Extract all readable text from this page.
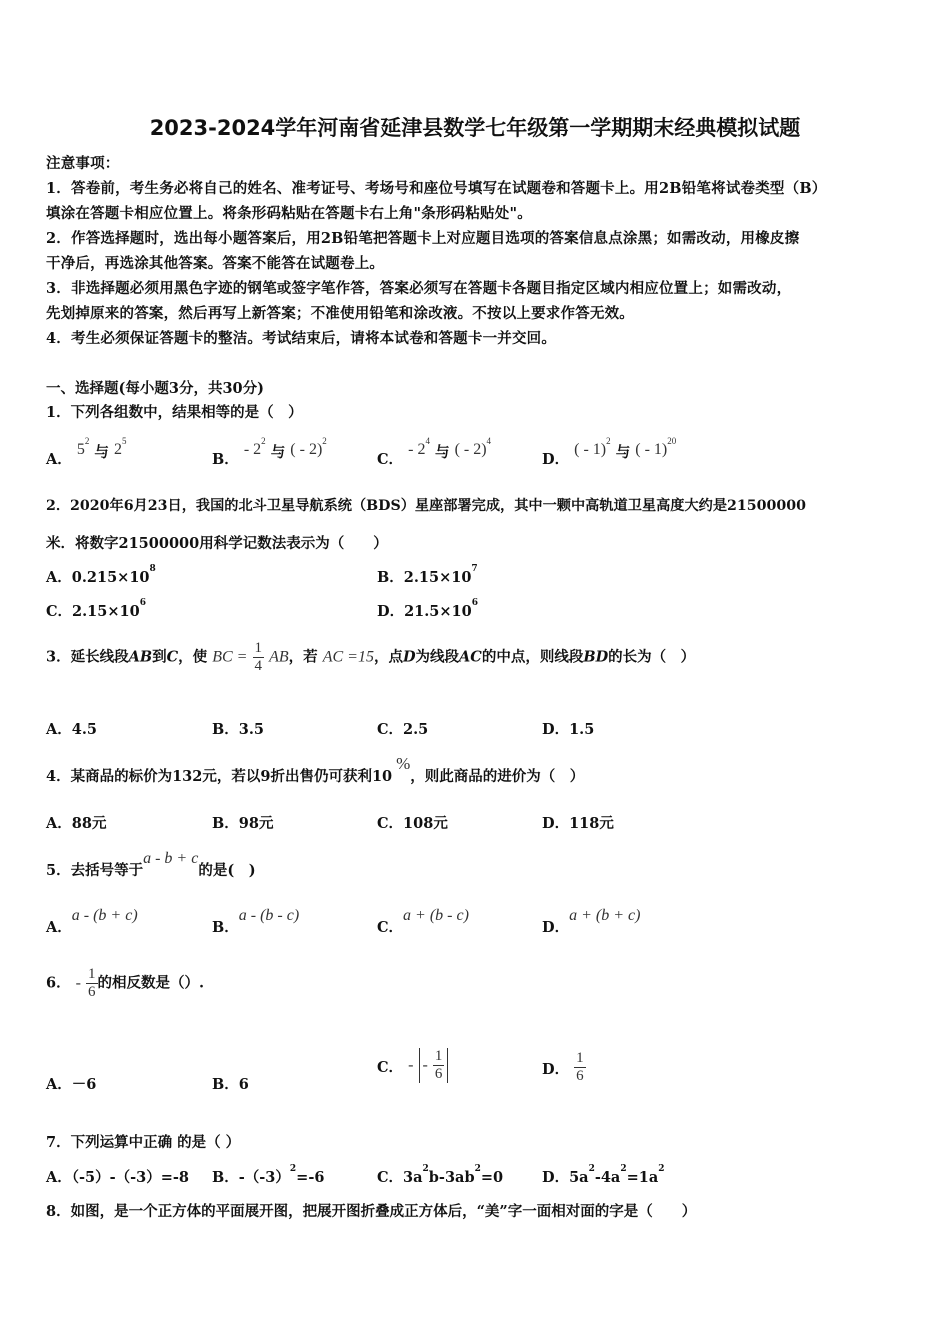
2023-2024学年河南省延津县数学七年级第一学期期末经典模拟试题
注意事项：
1．答卷前，考生务必将自己的姓名、准考证号、考场号和座位号填写在试题卷和答题卡上。用2B铅笔将试卷类型（B）
填涂在答题卡相应位置上。将条形码粘贴在答题卡右上角"条形码粘贴处"。
2．作答选择题时，选出每小题答案后，用2B铅笔把答题卡上对应题目选项的答案信息点涂黑；如需改动，用橡皮擦
干净后，再选涂其他答案。答案不能答在试题卷上。
3．非选择题必须用黑色字迹的钢笔或签字笔作答，答案必须写在答题卡各题目指定区域内相应位置上；如需改动，
先划掉原来的答案，然后再写上新答案；不准使用铅笔和涂改液。不按以上要求作答无效。
4．考生必须保证答题卡的整洁。考试结束后，请将本试卷和答题卡一并交回。
一、选择题(每小题3分，共30分)
1．下列各组数中，结果相等的是（　）
A． $5^2$ 与 $2^5$
B． - $2^2$ 与 ( - 2)$^2$
C． - $2^4$ 与 ( - 2)$^4$
D． ( - 1)$^2$ 与 ( - 1)$^{20}$
2．2020年6月23日，我国的北斗卫星导航系统（BDS）星座部署完成，其中一颗中高轨道卫星高度大约是21500000
米．将数字21500000用科学记数法表示为（　　）
A．$0.215\times 10^8$	B．$2.15\times 10^7$
C．$2.15\times 10^6$	D．$21.5\times 10^6$
3．延长线段AB到C，使 BC = $\frac{1}{4}$ AB，若 AC =15，点D为线段AC的中点，则线段BD的长为（　）
A．4.5	B．3.5	C．2.5	D．1.5
4．某商品的标价为132元，若以9折出售仍可获利10%，则此商品的进价为（　）
A．88元	B．98元	C．108元	D．118元
5．去括号等于a - b + c的是(　)
A．a - (b + c)
B．a - (b - c)
C．a + (b - c)
D．a + (b + c)
6． - $\frac{1}{6}$ 的相反数是（）.
A．－6	B．6
C． - - $\frac{1}{6}$	D． $\frac{1}{6}$
7．下列运算中正确 的是（ ）
A．（-5）-（-3）=-8 B．$-(-3)^2=-6$	C．$3a^2b-3ab^2=0$	D．$5a^2-4a^2=1a^2$
8．如图，是一个正方体的平面展开图，把展开图折叠成正方体后，“美”字一面相对面的字是（　　）
